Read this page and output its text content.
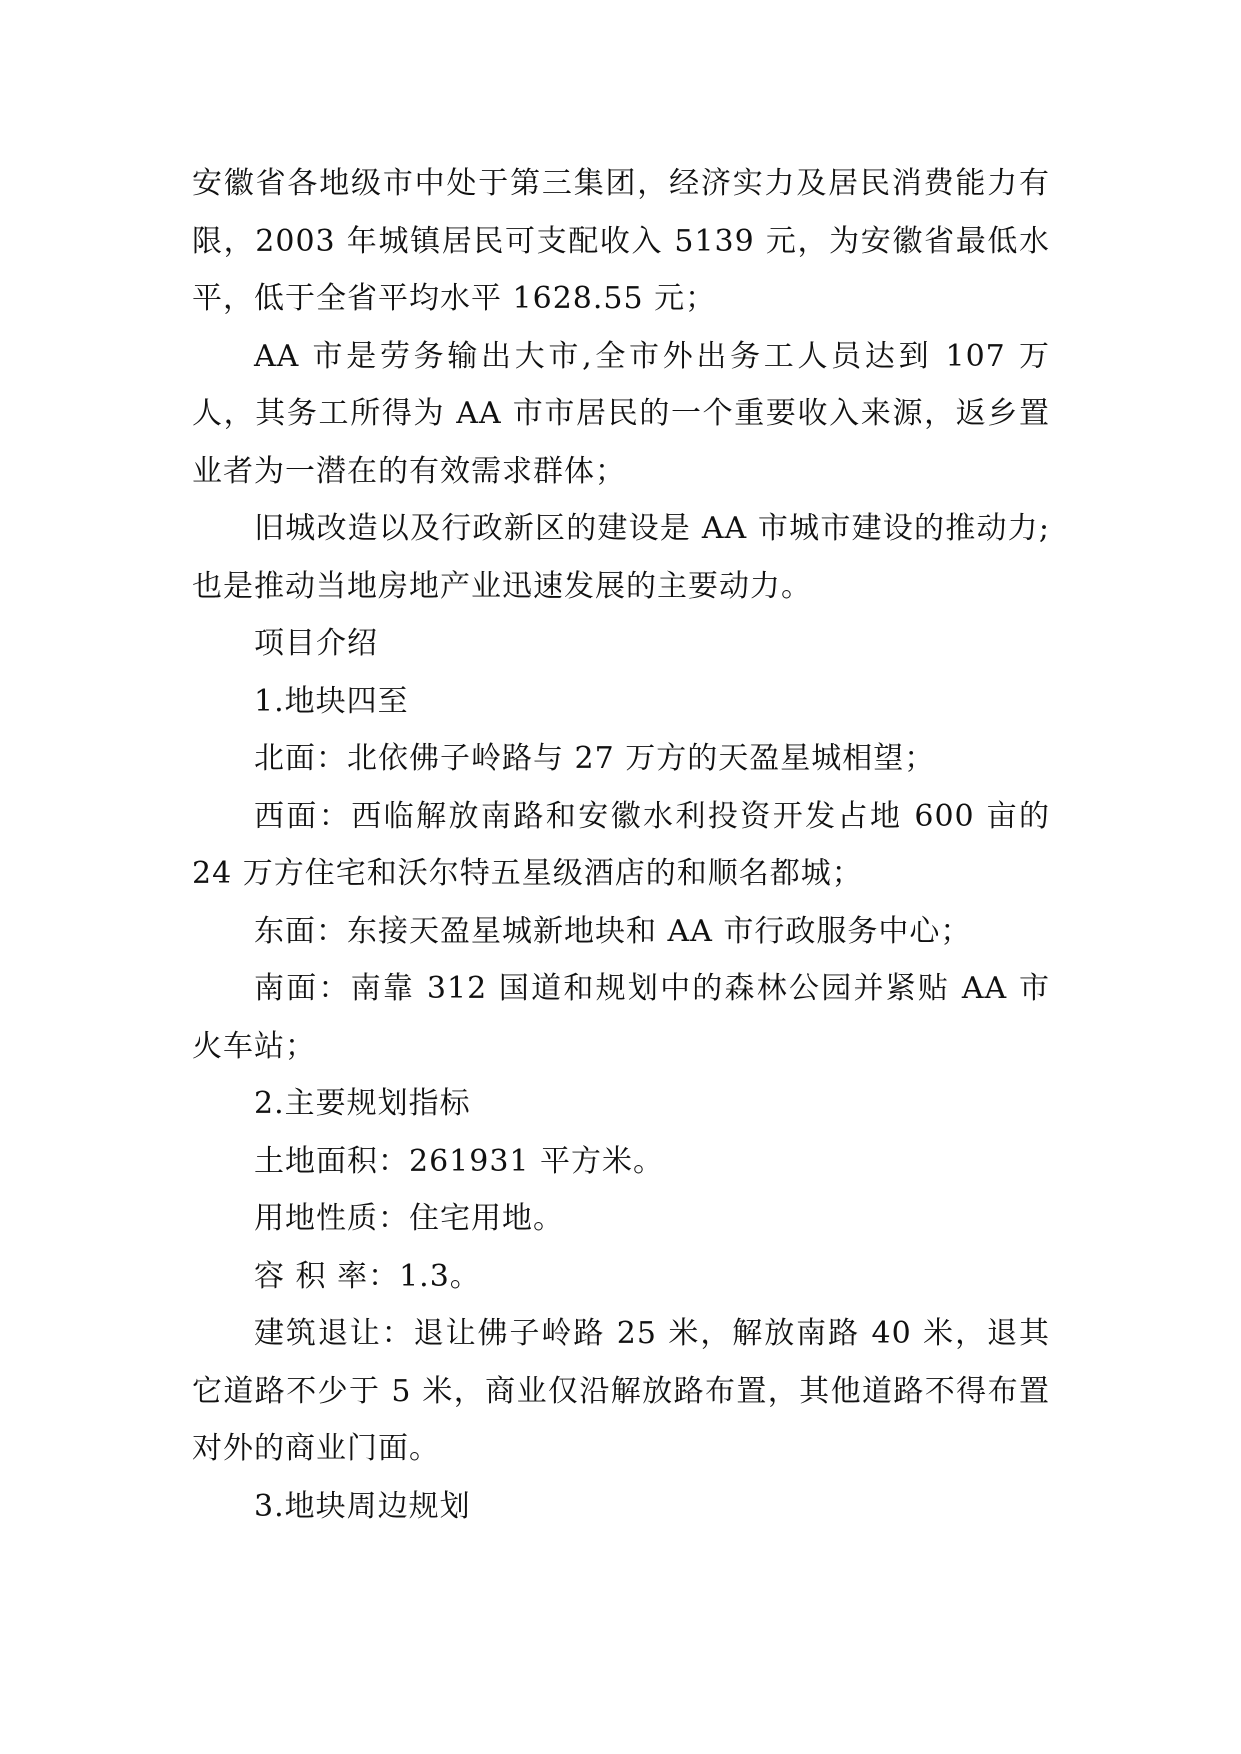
安徽省各地级市中处于第三集团，经济实力及居民消费能力有限，2003 年城镇居民可支配收入 5139 元，为安徽省最低水平，低于全省平均水平 1628.55 元；

AA 市是劳务输出大市,全市外出务工人员达到 107 万人，其务工所得为 AA 市市居民的一个重要收入来源，返乡置业者为一潜在的有效需求群体；

旧城改造以及行政新区的建设是 AA 市城市建设的推动力;也是推动当地房地产业迅速发展的主要动力。

项目介绍

1.地块四至

北面：北依佛子岭路与 27 万方的天盈星城相望；

西面：西临解放南路和安徽水利投资开发占地 600 亩的 24 万方住宅和沃尔特五星级酒店的和顺名都城；

东面：东接天盈星城新地块和 AA 市行政服务中心；

南面：南靠 312 国道和规划中的森林公园并紧贴 AA 市火车站；

2.主要规划指标

土地面积：261931 平方米。

用地性质：住宅用地。

容 积 率：1.3。

建筑退让：退让佛子岭路 25 米，解放南路 40 米，退其它道路不少于 5 米，商业仅沿解放路布置，其他道路不得布置对外的商业门面。

3.地块周边规划
